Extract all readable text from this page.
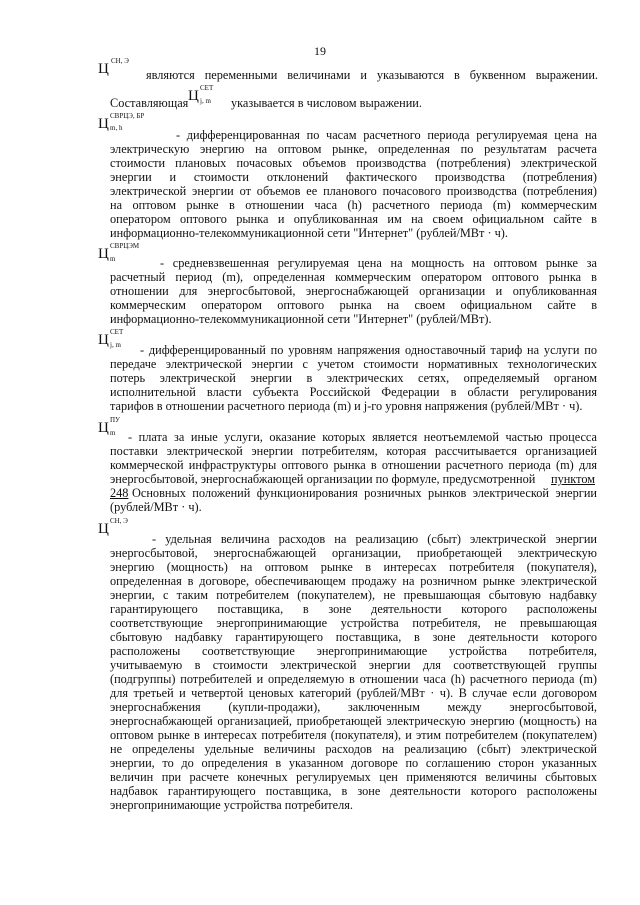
19
Ц СН, Э
являются переменными величинами и указываются в буквенном выражении.
Ц СЕТ
j, m
Составляющая	указывается в числовом выражении.
Ц СВРЦЭ, БР
m, h	- дифференцированная по часам расчетного периода регулируемая цена на
электрическую энергию на оптовом рынке, определенная по результатам расчета
стоимости плановых почасовых объемов производства (потребления) электрической
энергии и стоимости отклонений фактического производства (потребления)
электрической энергии от объемов ее планового почасового производства (потребления)
на оптовом рынке в отношении часа (h) расчетного периода (m) коммерческим
оператором оптового рынка и опубликованная им на своем официальном сайте в
информационно-телекоммуникационной сети "Интернет" (рублей/МВт · ч).
Ц СВРЦЭМ
m	- средневзвешенная регулируемая цена на мощность на оптовом рынке за
расчетный период (m), определенная коммерческим оператором оптового рынка в
отношении для энергосбытовой, энергоснабжающей организации и опубликованная
коммерческим оператором оптового рынка на своем официальном сайте в
информационно-телекоммуникационной сети "Интернет" (рублей/МВт).
Ц СЕТ
j, m - дифференцированный по уровням напряжения одноставочный тариф на услуги по
передаче электрической энергии с учетом стоимости нормативных технологических
потерь электрической энергии в электрических сетях, определяемый органом
исполнительной власти субъекта Российской Федерации в области регулирования
тарифов в отношении расчетного периода (m) и j-го уровня напряжения (рублей/МВт · ч).
Ц ПУ
m - плата за иные услуги, оказание которых является неотъемлемой частью процесса
поставки электрической энергии потребителям, которая рассчитывается организацией
коммерческой инфраструктуры оптового рынка в отношении расчетного периода (m) для
энергосбытовой, энергоснабжающей организации по формуле, предусмотренной пунктом
248 Основных положений функционирования розничных рынков электрической энергии
(рублей/МВт · ч).
Ц СН, Э
- удельная величина расходов на реализацию (сбыт) электрической энергии
энергосбытовой, энергоснабжающей организации, приобретающей электрическую
энергию (мощность) на оптовом рынке в интересах потребителя (покупателя),
определенная в договоре, обеспечивающем продажу на розничном рынке электрической
энергии, с таким потребителем (покупателем), не превышающая сбытовую надбавку
гарантирующего поставщика, в зоне деятельности которого расположены
соответствующие энергопринимающие устройства потребителя, не превышающая
сбытовую надбавку гарантирующего поставщика, в зоне деятельности которого
расположены соответствующие энергопринимающие устройства потребителя,
учитываемую в стоимости электрической энергии для соответствующей группы
(подгруппы) потребителей и определяемую в отношении часа (h) расчетного периода (m)
для третьей и четвертой ценовых категорий (рублей/МВт · ч). В случае если договором
энергоснабжения (купли-продажи), заключенным между энергосбытовой,
энергоснабжающей организацией, приобретающей электрическую энергию (мощность) на
оптовом рынке в интересах потребителя (покупателя), и этим потребителем (покупателем)
не определены удельные величины расходов на реализацию (сбыт) электрической
энергии, то до определения в указанном договоре по соглашению сторон указанных
величин при расчете конечных регулируемых цен применяются величины сбытовых
надбавок гарантирующего поставщика, в зоне деятельности которого расположены
энергопринимающие устройства потребителя.
